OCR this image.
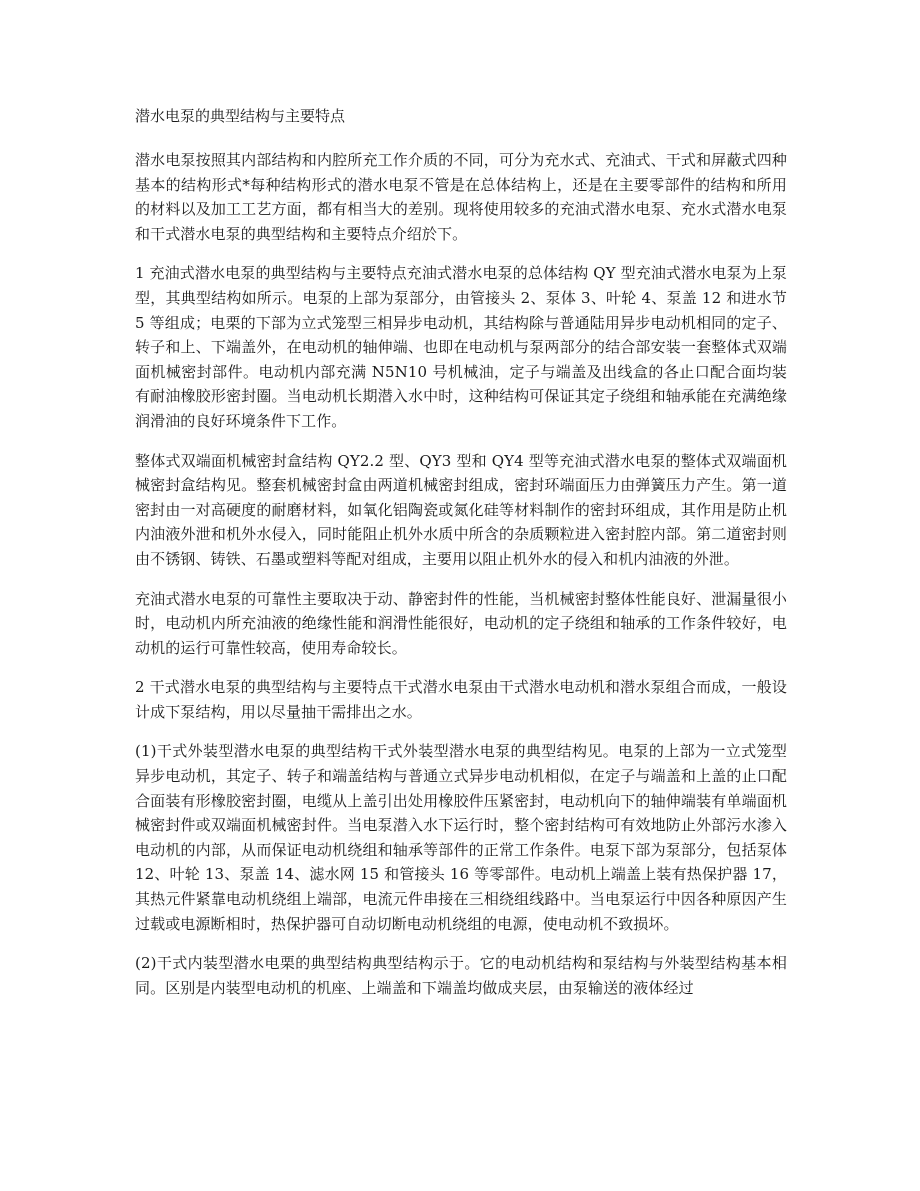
潜水电泵的典型结构与主要特点

潜水电泵按照其内部结构和内腔所充工作介质的不同，可分为充水式、充油式、干式和屏蔽式四种基本的结构形式*每种结构形式的潜水电泵不管是在总体结构上，还是在主要零部件的结构和所用的材料以及加工工艺方面，都有相当大的差别。现将使用较多的充油式潜水电泵、充水式潜水电泵和干式潜水电泵的典型结构和主要特点介绍於下。

1 充油式潜水电泵的典型结构与主要特点充油式潜水电泵的总体结构 QY 型充油式潜水电泵为上泵型，其典型结构如所示。电泵的上部为泵部分，由管接头 2、泵体 3、叶轮 4、泵盖 12 和进水节 5 等组成；电栗的下部为立式笼型三相异步电动机，其结构除与普通陆用异步电动机相同的定子、转子和上、下端盖外，在电动机的轴伸端、也即在电动机与泵两部分的结合部安装一套整体式双端面机械密封部件。电动机内部充满 N5N10 号机械油，定子与端盖及出线盒的各止口配合面均装有耐油橡胶形密封圈。当电动机长期潜入水中时，这种结构可保证其定子绕组和轴承能在充满绝缘润滑油的良好环境条件下工作。

整体式双端面机械密封盒结构 QY2.2 型、QY3 型和 QY4 型等充油式潜水电泵的整体式双端面机械密封盒结构见。整套机械密封盒由两道机械密封组成，密封环端面压力由弹簧压力产生。第一道密封由一对高硬度的耐磨材料，如氧化铝陶瓷或氮化硅等材料制作的密封环组成，其作用是防止机内油液外泄和机外水侵入，同时能阻止机外水质中所含的杂质颗粒进入密封腔内部。第二道密封则由不锈钢、铸铁、石墨或塑料等配对组成，主要用以阻止机外水的侵入和机内油液的外泄。

充油式潜水电泵的可靠性主要取决于动、静密封件的性能，当机械密封整体性能良好、泄漏量很小时，电动机内所充油液的绝缘性能和润滑性能很好，电动机的定子绕组和轴承的工作条件较好，电动机的运行可靠性较高，使用寿命较长。

2 干式潜水电泵的典型结构与主要特点干式潜水电泵由干式潜水电动机和潜水泵组合而成，一般设计成下泵结构，用以尽量抽干需排出之水。

(1)干式外装型潜水电泵的典型结构干式外装型潜水电泵的典型结构见。电泵的上部为一立式笼型异步电动机，其定子、转子和端盖结构与普通立式异步电动机相似，在定子与端盖和上盖的止口配合面装有形橡胶密封圈，电缆从上盖引出处用橡胶件压紧密封，电动机向下的轴伸端装有单端面机械密封件或双端面机械密封件。当电泵潜入水下运行时，整个密封结构可有效地防止外部污水渗入电动机的内部，从而保证电动机绕组和轴承等部件的正常工作条件。电泵下部为泵部分，包括泵体 12、叶轮 13、泵盖 14、滤水网 15 和管接头 16 等零部件。电动机上端盖上装有热保护器 17，其热元件紧靠电动机绕组上端部，电流元件串接在三相绕组线路中。当电泵运行中因各种原因产生过载或电源断相时，热保护器可自动切断电动机绕组的电源，使电动机不致损坏。

(2)干式内装型潜水电栗的典型结构典型结构示于。它的电动机结构和泵结构与外装型结构基本相同。区别是内装型电动机的机座、上端盖和下端盖均做成夹层，由泵输送的液体经过
